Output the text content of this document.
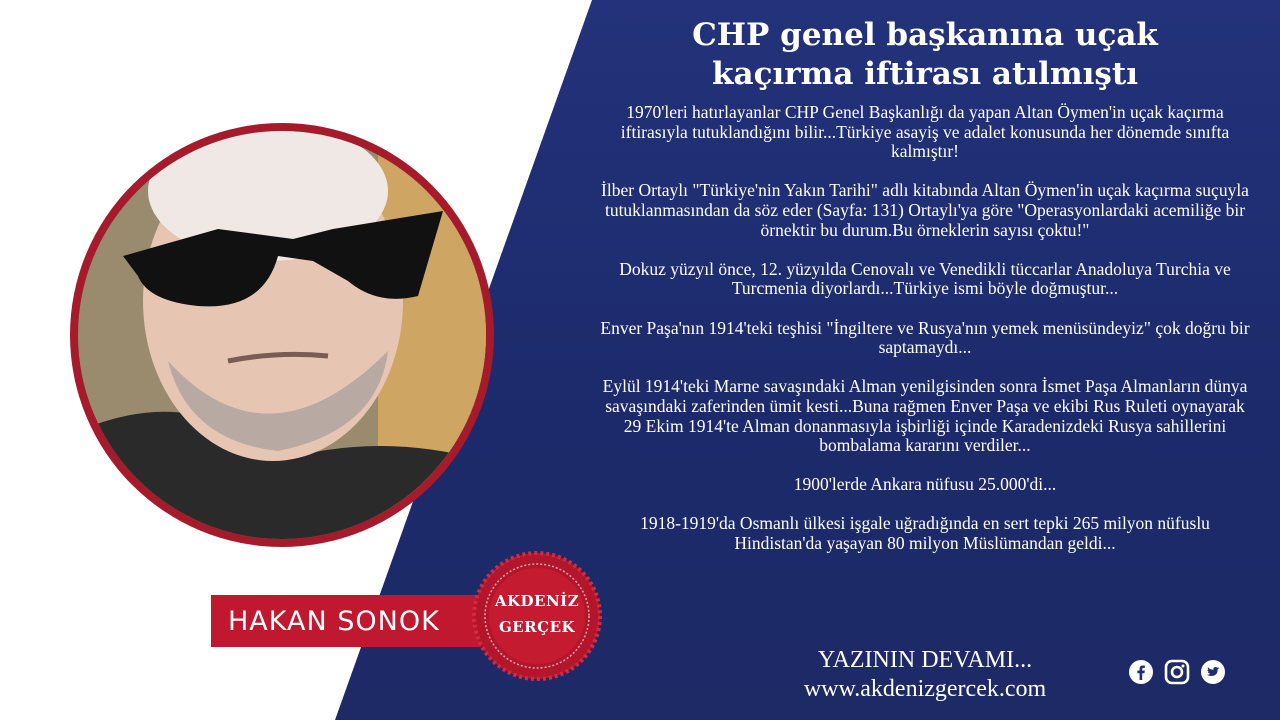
HAKAN SONOK
AKDENİZ
GERÇEK
CHP genel başkanına uçak
kaçırma iftirası atılmıştı

1970'leri hatırlayanlar CHP Genel Başkanlığı da yapan Altan Öymen'in uçak kaçırma iftirasıyla tutuklandığını bilir...Türkiye asayiş ve adalet konusunda her dönemde sınıfta kalmıştır!

İlber Ortaylı "Türkiye'nin Yakın Tarihi" adlı kitabında Altan Öymen'in uçak kaçırma suçuyla tutuklanmasından da söz eder (Sayfa: 131) Ortaylı'ya göre "Operasyonlardaki acemiliğe bir örnektir bu durum.Bu örneklerin sayısı çoktu!"

Dokuz yüzyıl önce, 12. yüzyılda Cenovalı ve Venedikli tüccarlar Anadoluya Turchia ve Turcmenia diyorlardı...Türkiye ismi böyle doğmuştur...

Enver Paşa'nın 1914'teki teşhisi "İngiltere ve Rusya'nın yemek menüsündeyiz" çok doğru bir saptamaydı...

Eylül 1914'teki Marne savaşındaki Alman yenilgisinden sonra İsmet Paşa Almanların dünya savaşındaki zaferinden ümit kesti...Buna rağmen Enver Paşa ve ekibi Rus Ruleti oynayarak 29 Ekim 1914'te Alman donanmasıyla işbirliği içinde Karadenizdeki Rusya sahillerini bombalama kararını verdiler...

1900'lerde Ankara nüfusu 25.000'di...

1918-1919'da Osmanlı ülkesi işgale uğradığında en sert tepki 265 milyon nüfuslu Hindistan'da yaşayan 80 milyon Müslümandan geldi...

YAZININ DEVAMI...
www.akdenizgercek.com
